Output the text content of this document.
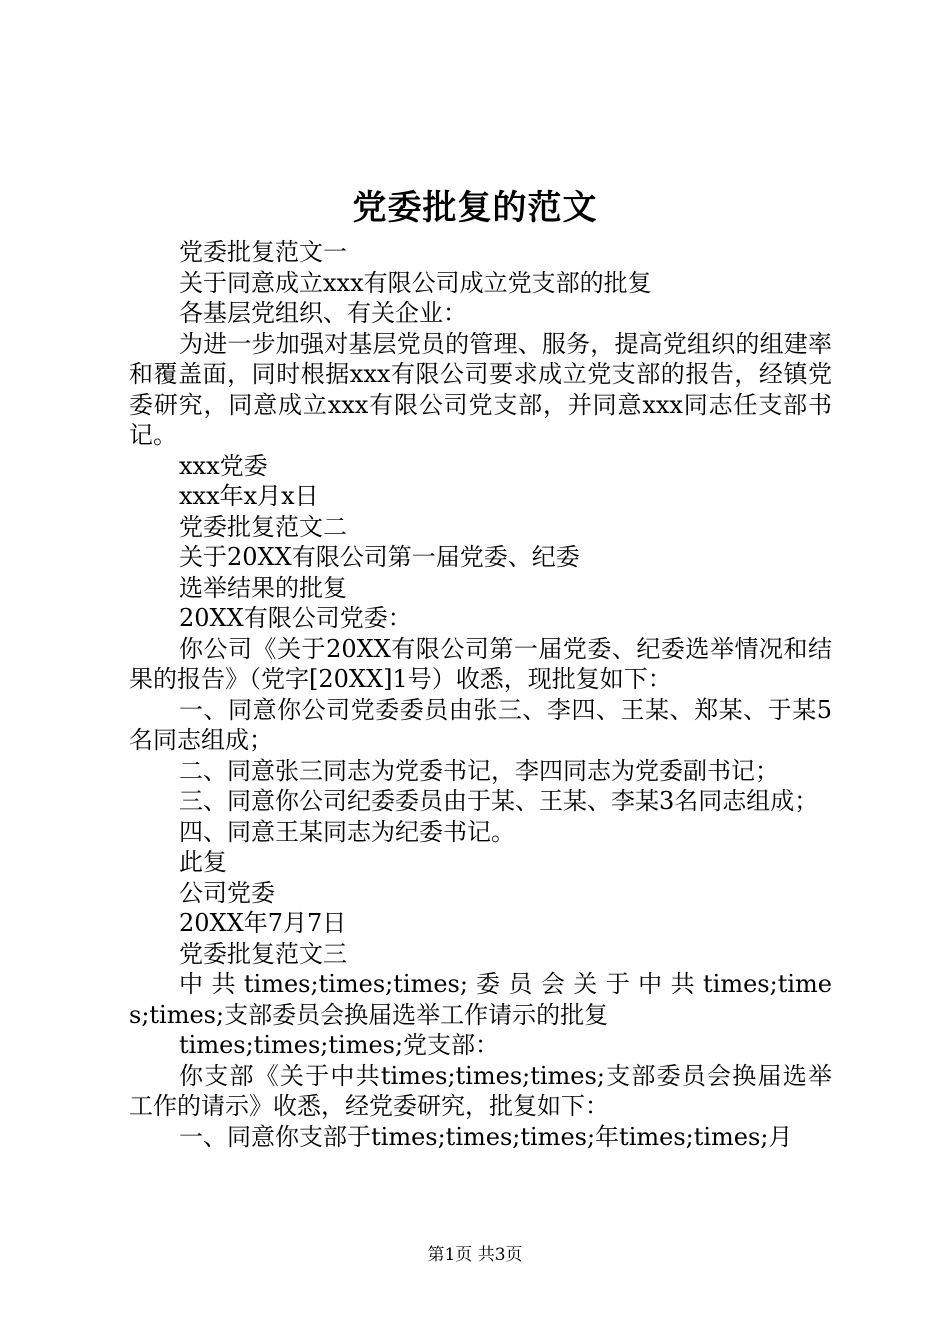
党委批复的范文

党委批复范文一

关于同意成立xxx有限公司成立党支部的批复

各基层党组织、有关企业：

为进一步加强对基层党员的管理、服务，提高党组织的组建率和覆盖面，同时根据xxx有限公司要求成立党支部的报告，经镇党委研究，同意成立xxx有限公司党支部，并同意xxx同志任支部书记。

xxx党委

xxx年x月x日

党委批复范文二

关于20XX有限公司第一届党委、纪委

选举结果的批复

20XX有限公司党委：

你公司《关于20XX有限公司第一届党委、纪委选举情况和结果的报告》（党字[20XX]1号）收悉，现批复如下：

一、同意你公司党委委员由张三、李四、王某、郑某、于某5名同志组成；

二、同意张三同志为党委书记，李四同志为党委副书记；

三、同意你公司纪委委员由于某、王某、李某3名同志组成；

四、同意王某同志为纪委书记。

此复

公司党委

20XX年7月7日

党委批复范文三

中 共 times;times;times; 委 员 会 关 于 中 共 times;times;times;支部委员会换届选举工作请示的批复

times;times;times;党支部：

你支部《关于中共times;times;times;支部委员会换届选举工作的请示》收悉，经党委研究，批复如下：

一、同意你支部于times;times;times;年times;times;月

第1页 共3页
